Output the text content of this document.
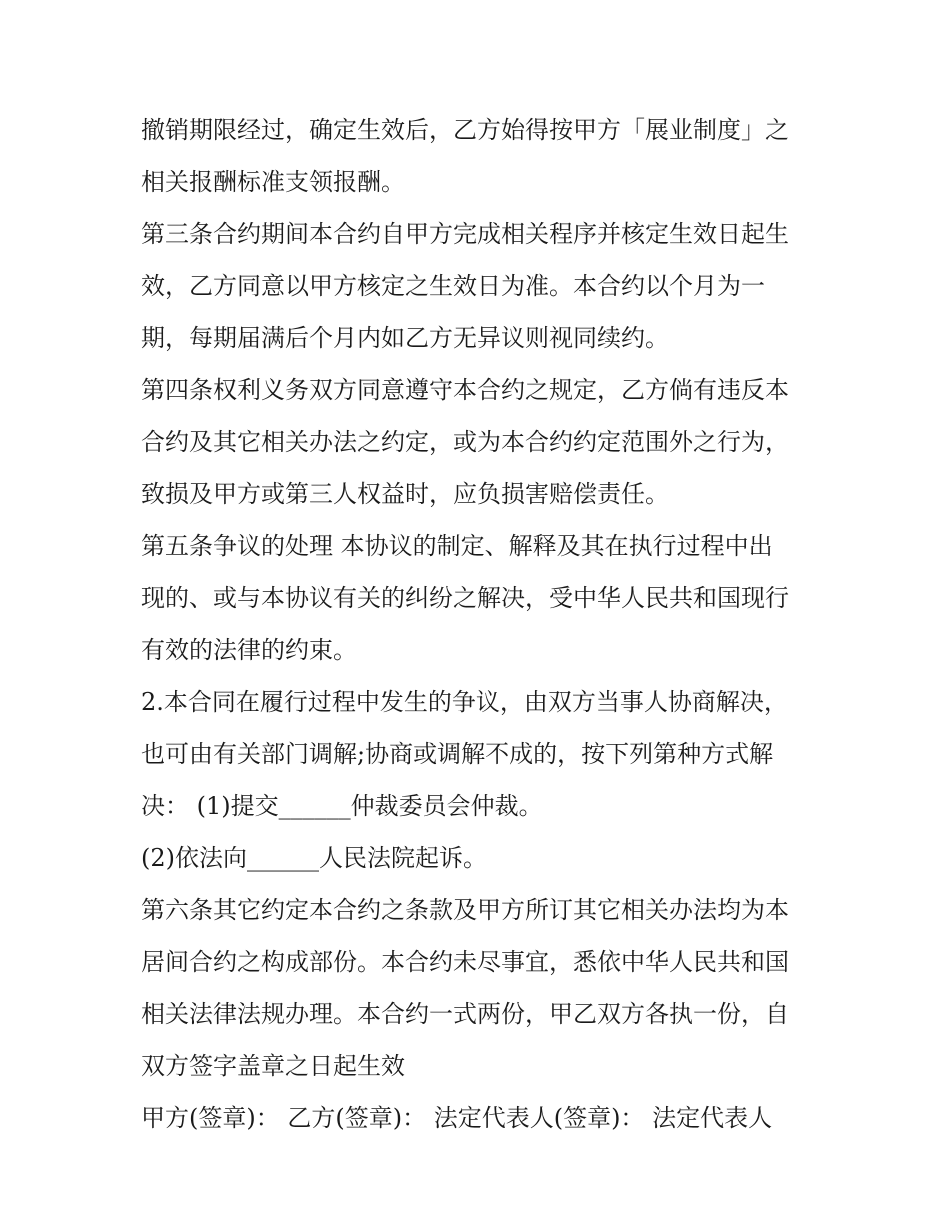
撤销期限经过，确定生效后，乙方始得按甲方「展业制度」之
相关报酬标准支领报酬。

第三条合约期间本合约自甲方完成相关程序并核定生效日起生
效，乙方同意以甲方核定之生效日为准。本合约以个月为一
期，每期届满后个月内如乙方无异议则视同续约。

第四条权利义务双方同意遵守本合约之规定，乙方倘有违反本
合约及其它相关办法之约定，或为本合约约定范围外之行为，
致损及甲方或第三人权益时，应负损害赔偿责任。

第五条争议的处理 本协议的制定、解释及其在执行过程中出
现的、或与本协议有关的纠纷之解决，受中华人民共和国现行
有效的法律的约束。

2.本合同在履行过程中发生的争议，由双方当事人协商解决，
也可由有关部门调解;协商或调解不成的，按下列第种方式解
决： (1)提交______仲裁委员会仲裁。

(2)依法向______人民法院起诉。

第六条其它约定本合约之条款及甲方所订其它相关办法均为本
居间合约之构成部份。本合约未尽事宜，悉依中华人民共和国
相关法律法规办理。本合约一式两份，甲乙双方各执一份，自
双方签字盖章之日起生效

甲方(签章)： 乙方(签章)： 法定代表人(签章)： 法定代表人
